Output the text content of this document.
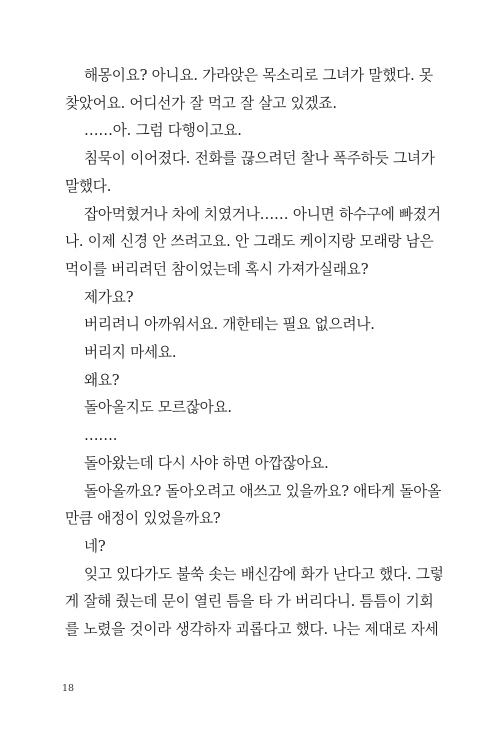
해몽이요? 아니요. 가라앉은 목소리로 그녀가 말했다. 못
찾았어요. 어디선가 잘 먹고 잘 살고 있겠죠.

……아. 그럼 다행이고요.

침묵이 이어졌다. 전화를 끊으려던 찰나 폭주하듯 그녀가
말했다.

잡아먹혔거나 차에 치였거나…… 아니면 하수구에 빠졌거
나. 이제 신경 안 쓰려고요. 안 그래도 케이지랑 모래랑 남은
먹이를 버리려던 참이었는데 혹시 가져가실래요?

제가요?

버리려니 아까워서요. 개한테는 필요 없으려나.

버리지 마세요.

왜요?

돌아올지도 모르잖아요.

…….

돌아왔는데 다시 사야 하면 아깝잖아요.

돌아올까요? 돌아오려고 애쓰고 있을까요? 애타게 돌아올
만큼 애정이 있었을까요?

네?

잊고 있다가도 불쑥 솟는 배신감에 화가 난다고 했다. 그렇
게 잘해 줬는데 문이 열린 틈을 타 가 버리다니. 틈틈이 기회
를 노렸을 것이라 생각하자 괴롭다고 했다. 나는 제대로 자세

18
